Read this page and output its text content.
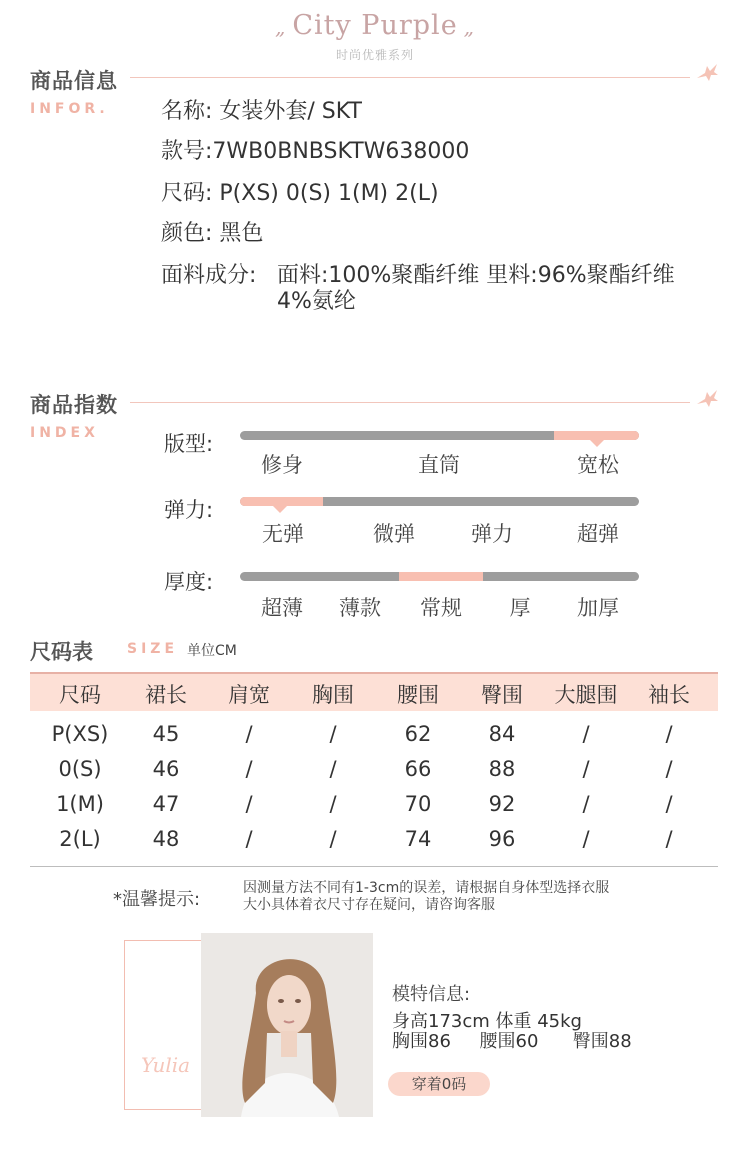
„ City Purple „
时尚优雅系列
商品信息
INFOR. 名称: 女装外套/ SKT
款号:7WB0BNBSKTW638000
尺码: P(XS) 0(S) 1(M) 2(L)
颜色: 黑色
面料成分: 面料:100%聚酯纤维 里料:96%聚酯纤维
4%氨纶
商品指数
INDEX	版型:
修身	直筒	宽松
弹力:
无弹	微弹	弹力	超弹
厚度:
超薄	薄款	常规	厚	加厚
尺码表 SIZE 单位CM
尺码	裙长	肩宽	胸围	腰围	臀围	大腿围	袖长
P(XS)	45	/	/	62	84	/	/
0(S)	46	/	/	66	88	/	/
1(M)	47	/	/	70	92	/	/
2(L)	48	/	/	74	96	/	/
*温馨提示:
因测量方法不同有1-3cm的误差，请根据自身体型选择衣服
大小具体着衣尺寸存在疑问，请咨询客服
Yulia
模特信息:
身高173cm 体重 45kg
胸围86     腰围60      臀围88
穿着0码
